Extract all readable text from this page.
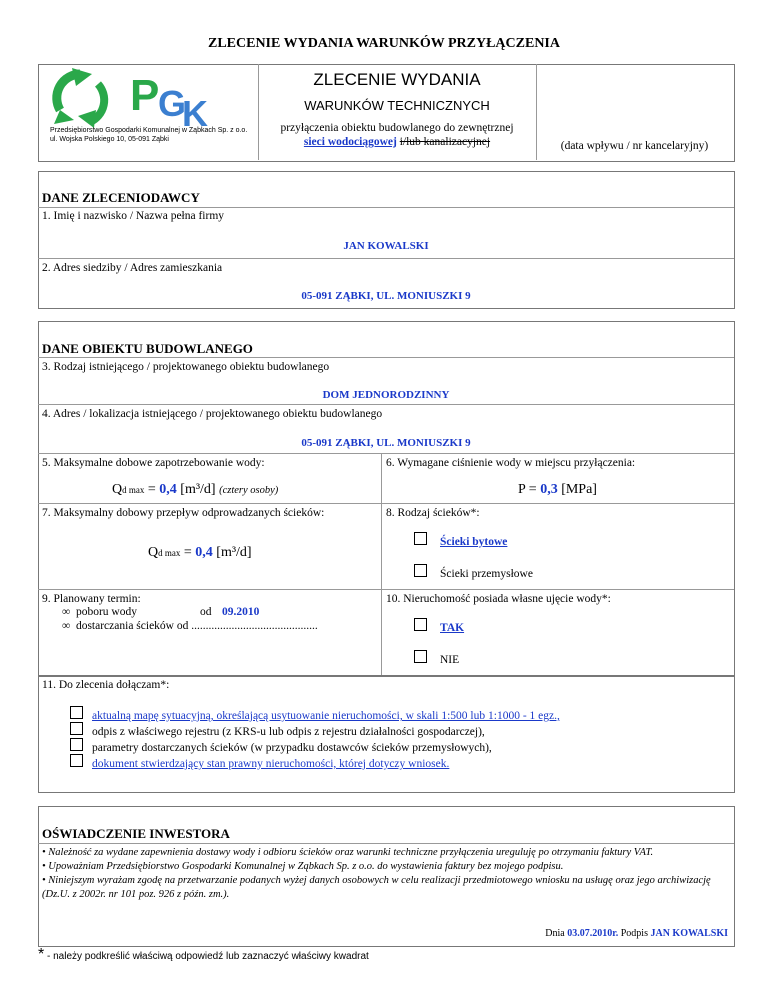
ZLECENIE WYDANIA WARUNKÓW PRZYŁĄCZENIA
P
G
K
Przedsiębiorstwo Gospodarki Komunalnej w Ząbkach Sp. z o.o.
ul. Wojska Polskiego 10, 05-091 Ząbki
ZLECENIE WYDANIA
WARUNKÓW TECHNICZNYCH
przyłączenia obiektu budowlanego do zewnętrznej
sieci wodociągowej i/lub kanalizacyjnej	(data wpływu / nr kancelaryjny)
DANE ZLECENIODAWCY
1. Imię i nazwisko / Nazwa pełna firmy
JAN KOWALSKI
2. Adres siedziby / Adres zamieszkania
05-091 ZĄBKI, UL. MONIUSZKI 9
DANE OBIEKTU BUDOWLANEGO
3. Rodzaj istniejącego / projektowanego obiektu budowlanego
DOM JEDNORODZINNY
4. Adres / lokalizacja istniejącego / projektowanego obiektu budowlanego
05-091 ZĄBKI, UL. MONIUSZKI 9
5. Maksymalne dobowe zapotrzebowanie wody:
Qd max = 0,4 [m³/d] (cztery osoby)
6. Wymagane ciśnienie wody w miejscu przyłączenia:
P = 0,3 [MPa]
7. Maksymalny dobowy przepływ odprowadzanych ścieków:
Qd max = 0,4 [m³/d]
8. Rodzaj ścieków*:
Ścieki bytowe
Ścieki przemysłowe
9. Planowany termin:
∞ poboru wody	od 09.2010
∞ dostarczania ścieków od ............................................
10. Nieruchomość posiada własne ujęcie wody*:
TAK
NIE
11. Do zlecenia dołączam*:
aktualną mapę sytuacyjną, określającą usytuowanie nieruchomości, w skali 1:500 lub 1:1000 - 1 egz.,
odpis z właściwego rejestru (z KRS-u lub odpis z rejestru działalności gospodarczej),
parametry dostarczanych ścieków (w przypadku dostawców ścieków przemysłowych),
dokument stwierdzający stan prawny nieruchomości, której dotyczy wniosek.
OŚWIADCZENIE INWESTORA
• Należność za wydane zapewnienia dostawy wody i odbioru ścieków oraz warunki techniczne przyłączenia ureguluję po otrzymaniu faktury VAT.
• Upoważniam Przedsiębiorstwo Gospodarki Komunalnej w Ząbkach Sp. z o.o. do wystawienia faktury bez mojego podpisu.
• Niniejszym wyrażam zgodę na przetwarzanie podanych wyżej danych osobowych w celu realizacji przedmiotowego wniosku na usługę oraz jego archiwizację (Dz.U. z 2002r. nr 101 poz. 926 z późn. zm.).
Dnia 03.07.2010r. Podpis JAN KOWALSKI
* - należy podkreślić właściwą odpowiedź lub zaznaczyć właściwy kwadrat
